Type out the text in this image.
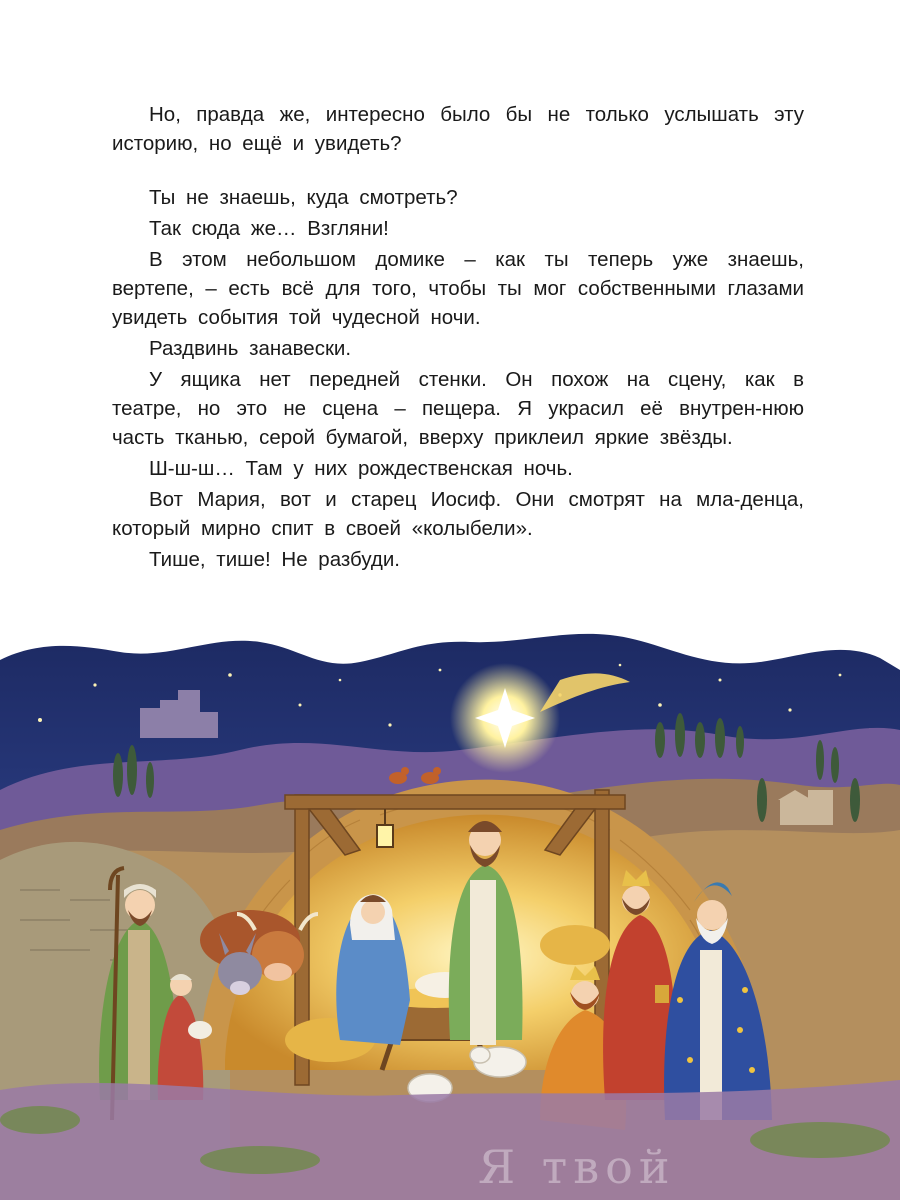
Но, правда же, интересно было бы не только услышать эту историю, но ещё и увидеть?

Ты не знаешь, куда смотреть?

Так сюда же… Взгляни!

В этом небольшом домике – как ты теперь уже знаешь, вертепе, – есть всё для того, чтобы ты мог собственными глазами увидеть события той чудесной ночи.

Раздвинь занавески.

У ящика нет передней стенки. Он похож на сцену, как в театре, но это не сцена – пещера. Я украсил её внутрен-нюю часть тканью, серой бумагой, вверху приклеил яркие звёзды.

Ш-ш-ш… Там у них рождественская ночь.

Вот Мария, вот и старец Иосиф. Они смотрят на мла-денца, который мирно спит в своей «колыбели».

Тише, тише! Не разбуди.

Я твой
